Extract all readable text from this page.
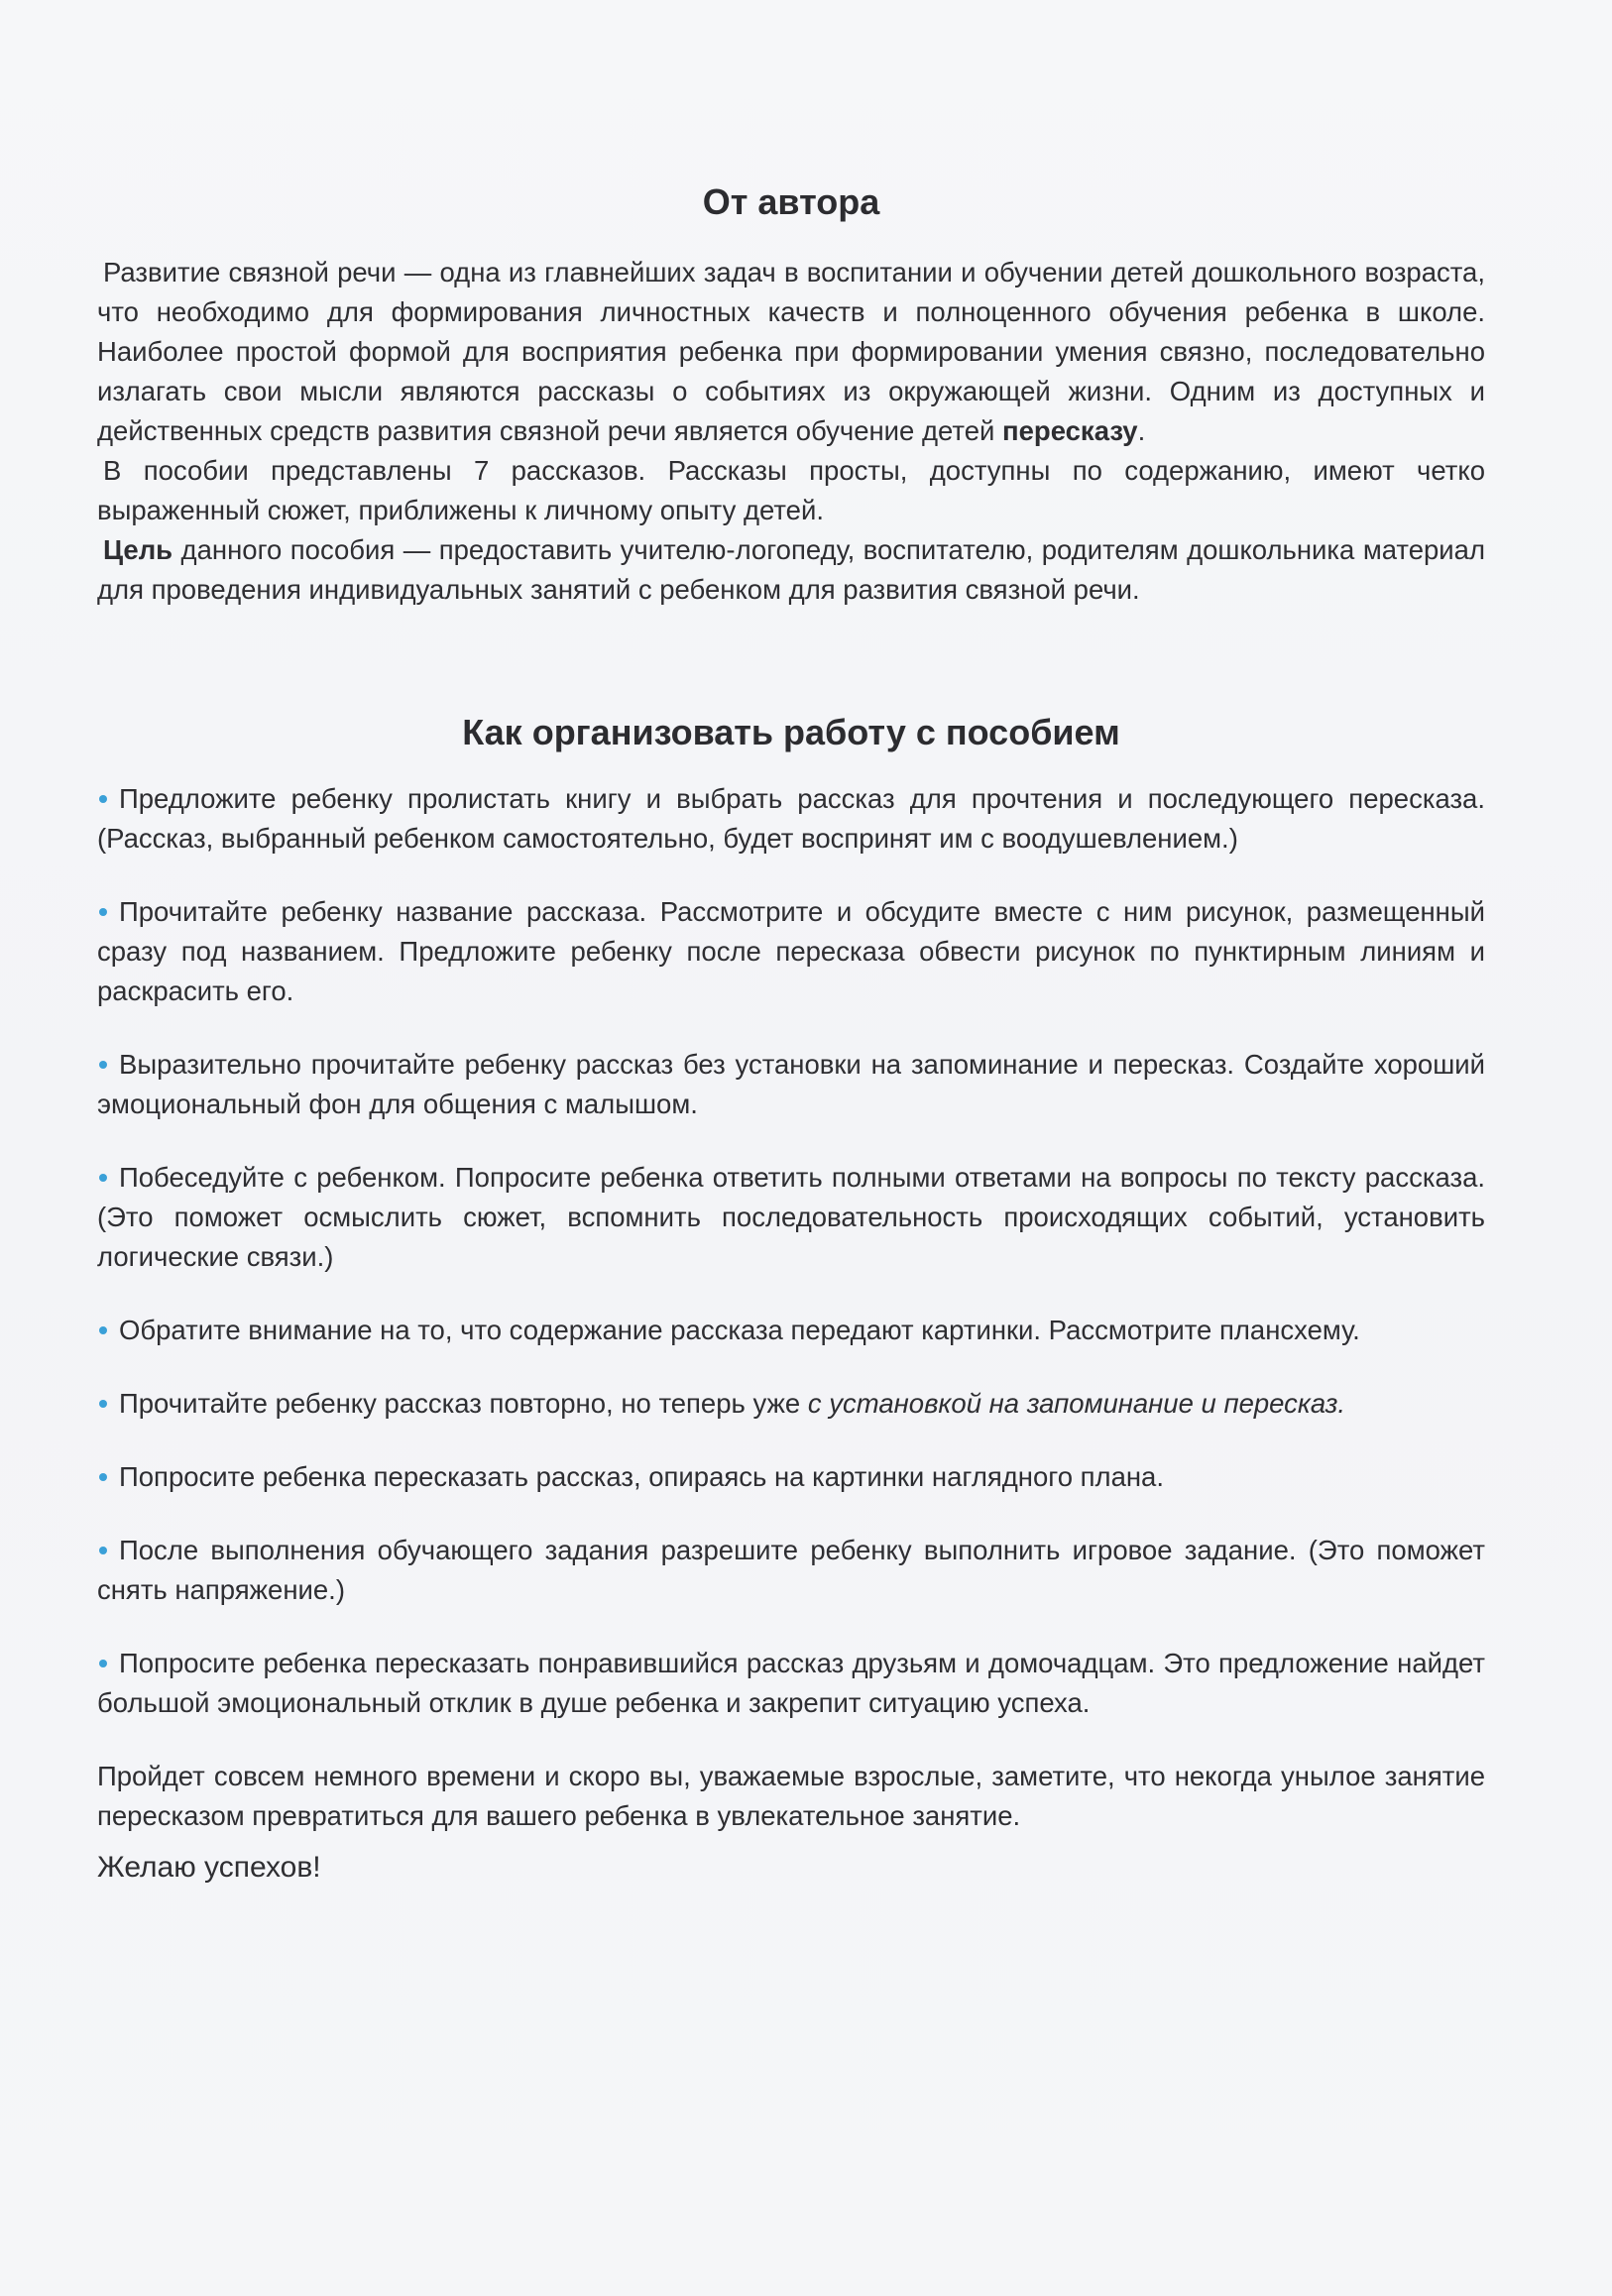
От автора

Развитие связной речи — одна из главнейших задач в воспитании и обучении детей дошкольного возраста, что необходимо для формирования личностных качеств и полноценного обучения ребенка в школе. Наиболее простой формой для восприятия ребенка при формировании умения связно, последовательно излагать свои мысли являются рассказы о событиях из окружающей жизни. Одним из доступных и действенных средств развития связной речи является обучение детей пересказу.

В пособии представлены 7 рассказов. Рассказы просты, доступны по содержанию, имеют четко выраженный сюжет, приближены к личному опыту детей.

Цель данного пособия — предоставить учителю-логопеду, воспитателю, родителям дошкольника материал для проведения индивидуальных занятий с ребенком для развития связной речи.

Как организовать работу с пособием

Предложите ребенку пролистать книгу и выбрать рассказ для прочтения и последующего пересказа. (Рассказ, выбранный ребенком самостоятельно, будет воспринят им с воодушевлением.)

Прочитайте ребенку название рассказа. Рассмотрите и обсудите вместе с ним рисунок, размещенный сразу под названием. Предложите ребенку после пересказа обвести рисунок по пунктирным линиям и раскрасить его.

Выразительно прочитайте ребенку рассказ без установки на запоминание и пересказ. Создайте хороший эмоциональный фон для общения с малышом.

Побеседуйте с ребенком. Попросите ребенка ответить полными ответами на вопросы по тексту рассказа. (Это поможет осмыслить сюжет, вспомнить последовательность происходящих событий, установить логические связи.)

Обратите внимание на то, что содержание рассказа передают картинки. Рассмотрите плансхему.

Прочитайте ребенку рассказ повторно, но теперь уже с установкой на запоминание и пересказ.

Попросите ребенка пересказать рассказ, опираясь на картинки наглядного плана.

После выполнения обучающего задания разрешите ребенку выполнить игровое задание. (Это поможет снять напряжение.)

Попросите ребенка пересказать понравившийся рассказ друзьям и домочадцам. Это предложение найдет большой эмоциональный отклик в душе ребенка и закрепит ситуацию успеха.

Пройдет совсем немного времени и скоро вы, уважаемые взрослые, заметите, что некогда унылое занятие пересказом превратиться для вашего ребенка в увлекательное занятие.

Желаю успехов!
